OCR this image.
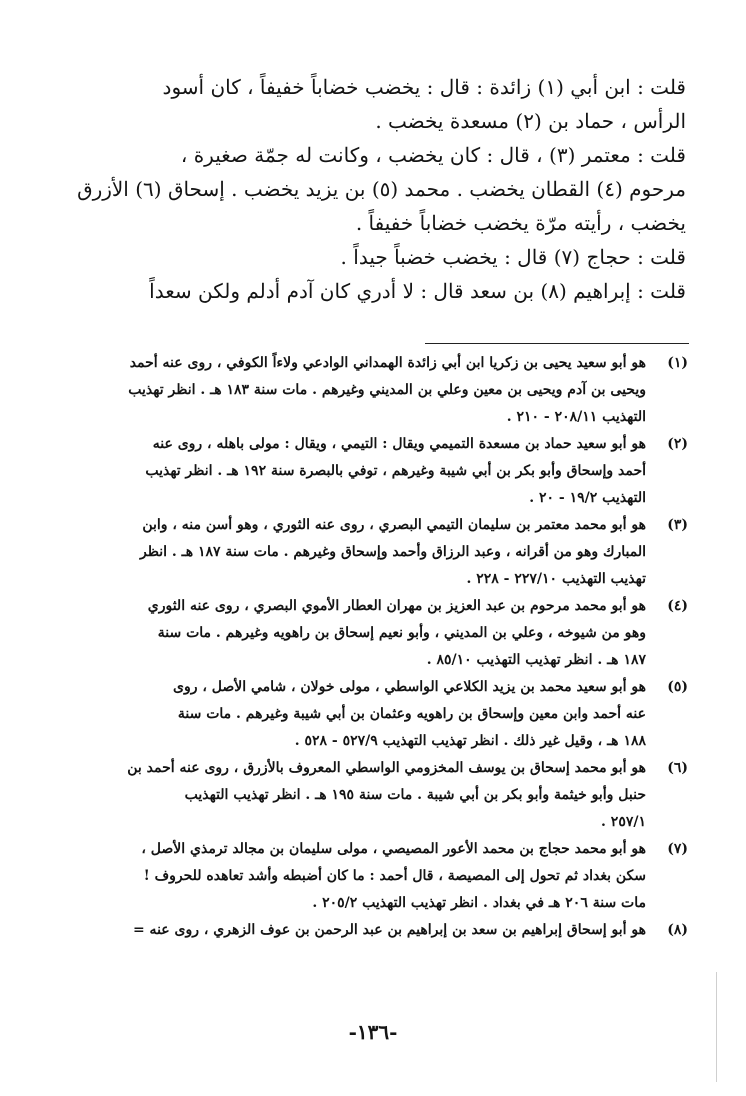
قلت : ابن أبي (١) زائدة : قال : يخضب خضاباً خفيفاً ، كان أسود
الرأس ، حماد بن (٢) مسعدة يخضب .
قلت : معتمر (٣) ، قال : كان يخضب ، وكانت له جمّة صغيرة ،
مرحوم (٤) القطان يخضب . محمد (٥) بن يزيد يخضب . إسحاق (٦) الأزرق
يخضب ، رأيته مرّة يخضب خضاباً خفيفاً .
قلت : حجاج (٧) قال : يخضب خضباً جيداً .
قلت : إبراهيم (٨) بن سعد قال : لا أدري كان آدم أدلم ولكن سعداً
(١)
هو أبو سعيد يحيى بن زكريا ابن أبي زائدة الهمداني الوادعي ولاءاً الكوفي ، روى عنه أحمد
ويحيى بن آدم ويحيى بن معين وعلي بن المديني وغيرهم . مات سنة ١٨٣ هـ . انظر تهذيب
التهذيب ٢٠٨/١١ - ٢١٠ .
(٢)
هو أبو سعيد حماد بن مسعدة التميمي ويقال : التيمي ، ويقال : مولى باهله ، روى عنه
أحمد وإسحاق وأبو بكر بن أبي شيبة وغيرهم ، توفي بالبصرة سنة ١٩٢ هـ . انظر تهذيب
التهذيب ١٩/٢ - ٢٠ .
(٣)
هو أبو محمد معتمر بن سليمان التيمي البصري ، روى عنه الثوري ، وهو أسن منه ، وابن
المبارك وهو من أقرانه ، وعبد الرزاق وأحمد وإسحاق وغيرهم . مات سنة ١٨٧ هـ . انظر
تهذيب التهذيب ٢٢٧/١٠ - ٢٢٨ .
(٤)
هو أبو محمد مرحوم بن عبد العزيز بن مهران العطار الأموي البصري ، روى عنه الثوري
وهو من شيوخه ، وعلي بن المديني ، وأبو نعيم إسحاق بن راهويه وغيرهم . مات سنة
١٨٧ هـ . انظر تهذيب التهذيب ٨٥/١٠ .
(٥)
هو أبو سعيد محمد بن يزيد الكلاعي الواسطي ، مولى خولان ، شامي الأصل ، روى
عنه أحمد وابن معين وإسحاق بن راهويه وعثمان بن أبي شيبة وغيرهم . مات سنة
١٨٨ هـ ، وقيل غير ذلك . انظر تهذيب التهذيب ٥٢٧/٩ - ٥٢٨ .
(٦)
هو أبو محمد إسحاق بن يوسف المخزومي الواسطي المعروف بالأزرق ، روى عنه أحمد بن
حنبل وأبو خيثمة وأبو بكر بن أبي شيبة . مات سنة ١٩٥ هـ . انظر تهذيب التهذيب
٢٥٧/١ .
(٧)
هو أبو محمد حجاج بن محمد الأعور المصيصي ، مولى سليمان بن مجالد ترمذي الأصل ،
سكن بغداد ثم تحول إلى المصيصة ، قال أحمد : ما كان أضبطه وأشد تعاهده للحروف !
مات سنة ٢٠٦ هـ في بغداد . انظر تهذيب التهذيب ٢٠٥/٢ .
(٨)
هو أبو إسحاق إبراهيم بن سعد بن إبراهيم بن عبد الرحمن بن عوف الزهري ، روى عنه =
-١٣٦-
